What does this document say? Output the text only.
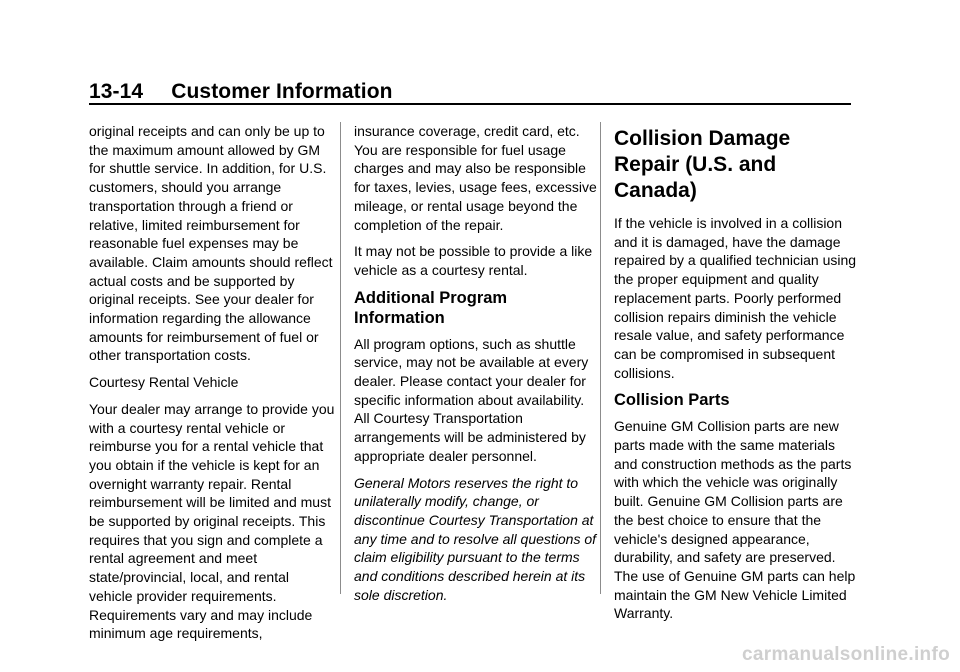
13-14 Customer Information

original receipts and can only be up to the maximum amount allowed by GM for shuttle service. In addition, for U.S. customers, should you arrange transportation through a friend or relative, limited reimbursement for reasonable fuel expenses may be available. Claim amounts should reflect actual costs and be supported by original receipts. See your dealer for information regarding the allowance amounts for reimbursement of fuel or other transportation costs.

Courtesy Rental Vehicle

Your dealer may arrange to provide you with a courtesy rental vehicle or reimburse you for a rental vehicle that you obtain if the vehicle is kept for an overnight warranty repair. Rental reimbursement will be limited and must be supported by original receipts. This requires that you sign and complete a rental agreement and meet state/provincial, local, and rental vehicle provider requirements. Requirements vary and may include minimum age requirements,

insurance coverage, credit card, etc. You are responsible for fuel usage charges and may also be responsible for taxes, levies, usage fees, excessive mileage, or rental usage beyond the completion of the repair.

It may not be possible to provide a like vehicle as a courtesy rental.

Additional Program Information

All program options, such as shuttle service, may not be available at every dealer. Please contact your dealer for specific information about availability. All Courtesy Transportation arrangements will be administered by appropriate dealer personnel.

General Motors reserves the right to unilaterally modify, change, or discontinue Courtesy Transportation at any time and to resolve all questions of claim eligibility pursuant to the terms and conditions described herein at its sole discretion.

Collision Damage Repair (U.S. and Canada)

If the vehicle is involved in a collision and it is damaged, have the damage repaired by a qualified technician using the proper equipment and quality replacement parts. Poorly performed collision repairs diminish the vehicle resale value, and safety performance can be compromised in subsequent collisions.

Collision Parts

Genuine GM Collision parts are new parts made with the same materials and construction methods as the parts with which the vehicle was originally built. Genuine GM Collision parts are the best choice to ensure that the vehicle's designed appearance, durability, and safety are preserved. The use of Genuine GM parts can help maintain the GM New Vehicle Limited Warranty.

carmanualsonline.info
